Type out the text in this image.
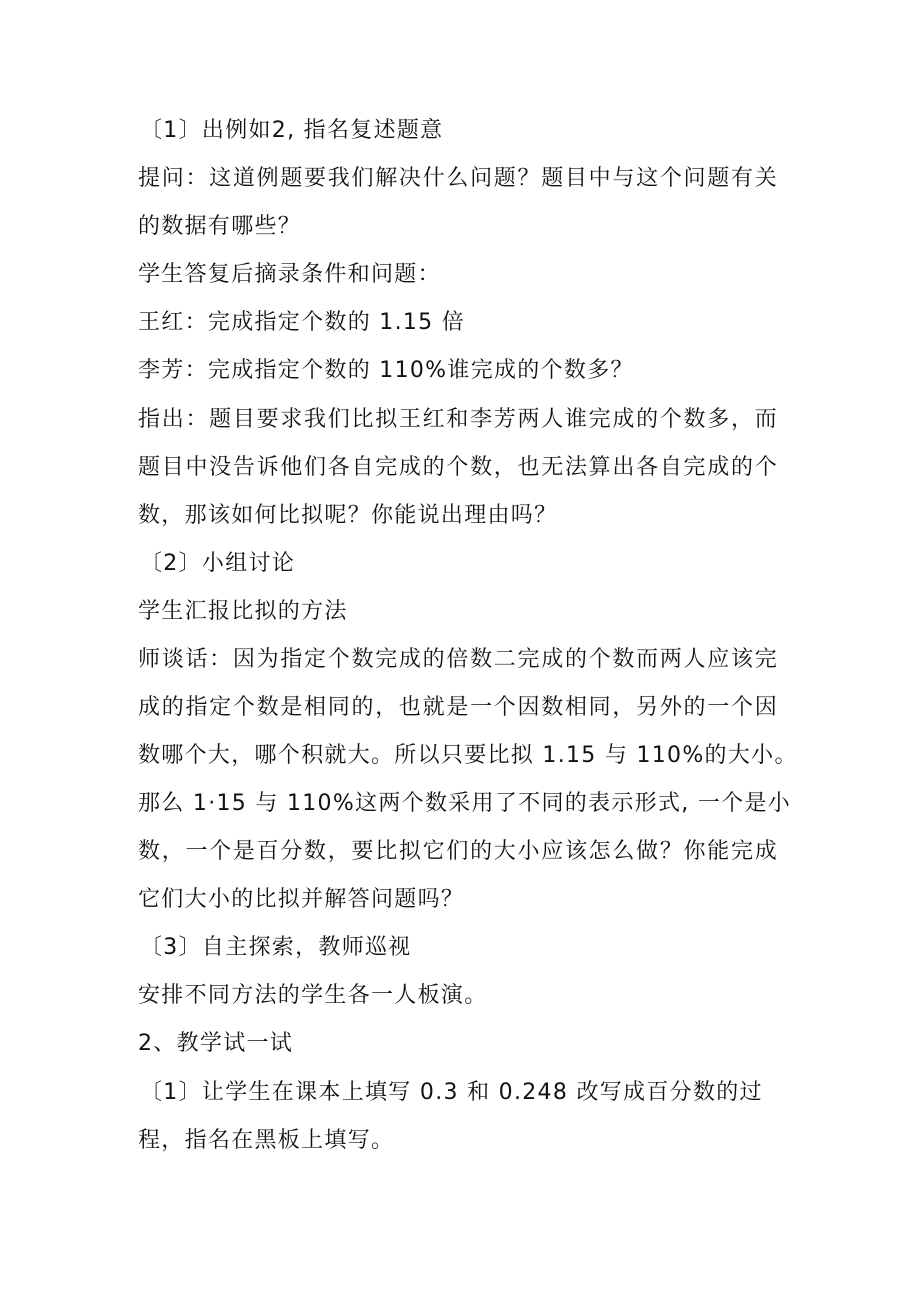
〔1〕出例如2, 指名复述题意
提问：这道例题要我们解决什么问题？题目中与这个问题有关
的数据有哪些？
学生答复后摘录条件和问题：
王红：完成指定个数的 1.15 倍
李芳：完成指定个数的 110%谁完成的个数多？
指出：题目要求我们比拟王红和李芳两人谁完成的个数多，而
题目中没告诉他们各自完成的个数，也无法算出各自完成的个
数，那该如何比拟呢？你能说出理由吗？
〔2〕小组讨论
学生汇报比拟的方法
师谈话：因为指定个数完成的倍数二完成的个数而两人应该完
成的指定个数是相同的，也就是一个因数相同，另外的一个因
数哪个大，哪个积就大。所以只要比拟 1.15 与 110%的大小。
那么 1·15 与 110%这两个数采用了不同的表示形式, 一个是小
数，一个是百分数，要比拟它们的大小应该怎么做？你能完成
它们大小的比拟并解答问题吗？
〔3〕自主探索，教师巡视
安排不同方法的学生各一人板演。
2、教学试一试
〔1〕让学生在课本上填写 0.3 和 0.248 改写成百分数的过
程，指名在黑板上填写。
